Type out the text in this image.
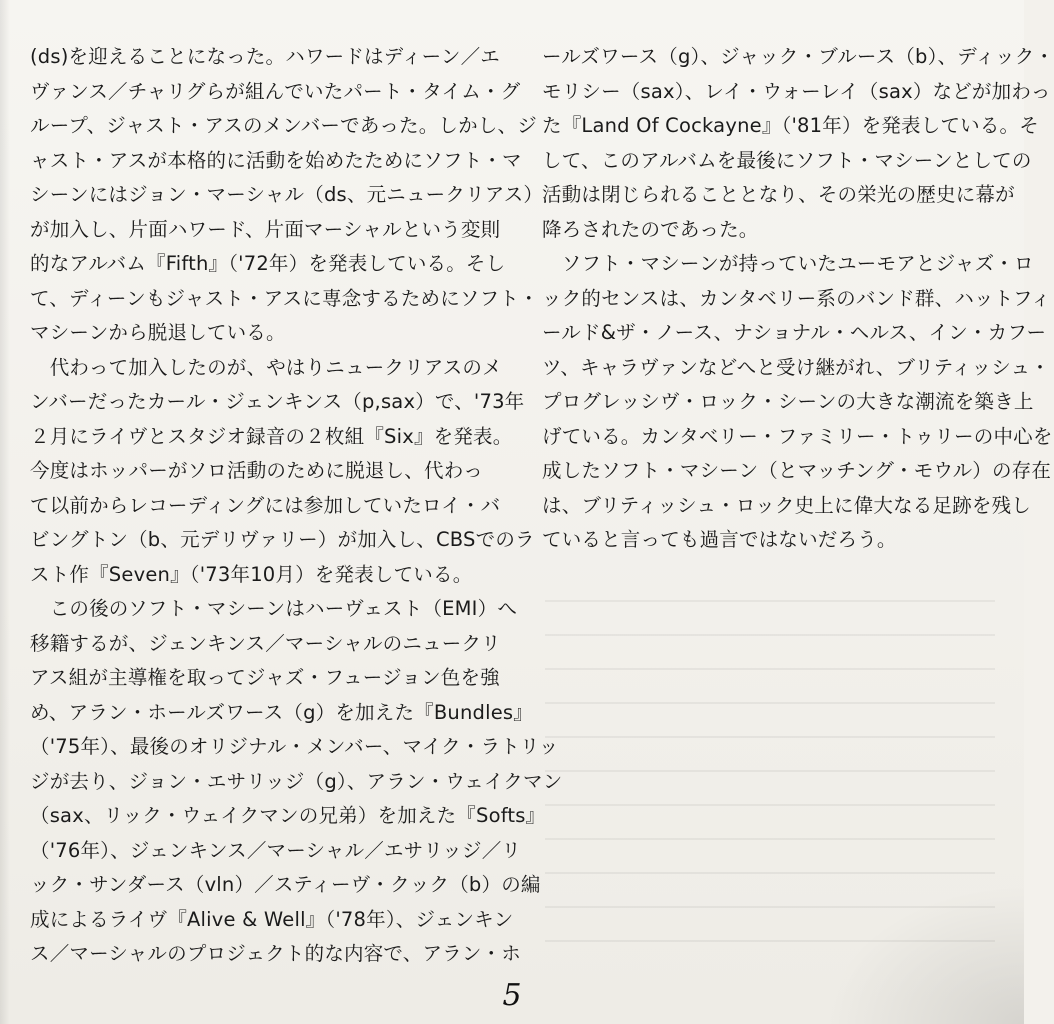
(ds)を迎えることになった。ハワードはディーン／エ
ヴァンス／チャリグらが組んでいたパート・タイム・グ
ループ、ジャスト・アスのメンバーであった。しかし、ジ
ャスト・アスが本格的に活動を始めたためにソフト・マ
シーンにはジョン・マーシャル（ds、元ニュークリアス）
が加入し、片面ハワード、片面マーシャルという変則
的なアルバム『Fifth』（'72年）を発表している。そし
て、ディーンもジャスト・アスに専念するためにソフト・
マシーンから脱退している。
　代わって加入したのが、やはりニュークリアスのメ
ンバーだったカール・ジェンキンス（p,sax）で、'73年
２月にライヴとスタジオ録音の２枚組『Six』を発表。
今度はホッパーがソロ活動のために脱退し、代わっ
て以前からレコーディングには参加していたロイ・バ
ビングトン（b、元デリヴァリー）が加入し、CBSでのラ
スト作『Seven』（'73年10月）を発表している。
　この後のソフト・マシーンはハーヴェスト（EMI）へ
移籍するが、ジェンキンス／マーシャルのニュークリ
アス組が主導権を取ってジャズ・フュージョン色を強
め、アラン・ホールズワース（g）を加えた『Bundles』
（'75年）、最後のオリジナル・メンバー、マイク・ラトリッ
ジが去り、ジョン・エサリッジ（g）、アラン・ウェイクマン
（sax、リック・ウェイクマンの兄弟）を加えた『Softs』
（'76年）、ジェンキンス／マーシャル／エサリッジ／リ
ック・サンダース（vln）／スティーヴ・クック（b）の編
成によるライヴ『Alive & Well』（'78年）、ジェンキン
ス／マーシャルのプロジェクト的な内容で、アラン・ホ
ールズワース（g）、ジャック・ブルース（b）、ディック・
モリシー（sax）、レイ・ウォーレイ（sax）などが加わっ
た『Land Of Cockayne』（'81年）を発表している。そ
して、このアルバムを最後にソフト・マシーンとしての
活動は閉じられることとなり、その栄光の歴史に幕が
降ろされたのであった。
　ソフト・マシーンが持っていたユーモアとジャズ・ロ
ック的センスは、カンタベリー系のバンド群、ハットフィ
ールド&ザ・ノース、ナショナル・ヘルス、イン・カフー
ツ、キャラヴァンなどへと受け継がれ、ブリティッシュ・
プログレッシヴ・ロック・シーンの大きな潮流を築き上
げている。カンタベリー・ファミリー・トゥリーの中心を
成したソフト・マシーン（とマッチング・モウル）の存在
は、ブリティッシュ・ロック史上に偉大なる足跡を残し
ていると言っても過言ではないだろう。
5
